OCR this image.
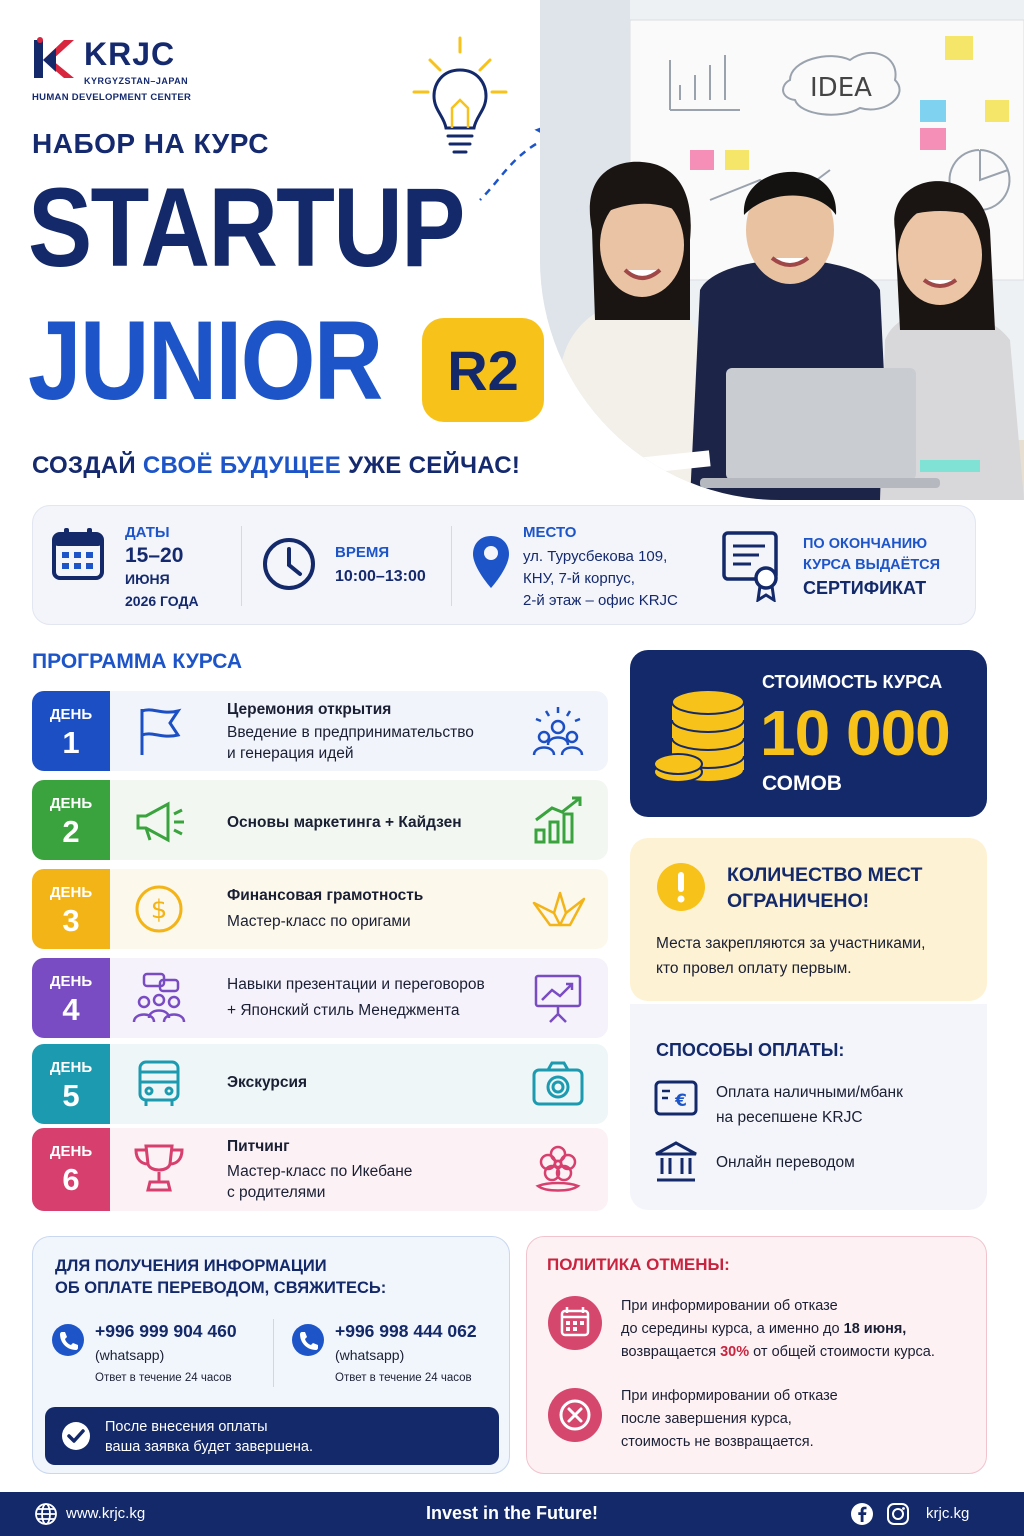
KRJC
KYRGYZSTAN–JAPAN
HUMAN DEVELOPMENT CENTER
НАБОР НА КУРС
STARTUP
JUNIOR	R2
СОЗДАЙ СВОЁ БУДУЩЕЕ УЖЕ СЕЙЧАС!
IDEA
ДАТЫ
15–20
ИЮНЯ
2026 ГОДА
ВРЕМЯ
10:00–13:00
МЕСТО
ул. Турусбекова 109,
КНУ, 7-й корпус,
2-й этаж – офис KRJC
ПО ОКОНЧАНИЮ
КУРСА ВЫДАЁТСЯ
СЕРТИФИКАТ
ПРОГРАММА КУРСА
ДЕНЬ
1
Церемония открытия
Введение в предпринимательство
и генерация идей
ДЕНЬ
2	Основы маркетинга + Кайдзен
ДЕНЬ
3	$	Финансовая грамотность
Мастер-класс по оригами
ДЕНЬ
4
Навыки презентации и переговоров
+ Японский стиль Менеджмента
ДЕНЬ
5	Экскурсия
ДЕНЬ
6
Питчинг
Мастер-класс по Икебане
с родителями
СТОИМОСТЬ КУРСА
10 000
СОМОВ
КОЛИЧЕСТВО МЕСТ
ОГРАНИЧЕНО!
Места закрепляются за участниками,
кто провел оплату первым.
СПОСОБЫ ОПЛАТЫ:
€ Оплата наличными/мбанк
на ресепшене KRJC
Онлайн переводом
ДЛЯ ПОЛУЧЕНИЯ ИНФОРМАЦИИ
ОБ ОПЛАТЕ ПЕРЕВОДОМ, СВЯЖИТЕСЬ:
+996 999 904 460
(whatsapp)
Ответ в течение 24 часов
+996 998 444 062
(whatsapp)
Ответ в течение 24 часов
После внесения оплаты
ваша заявка будет завершена.
ПОЛИТИКА ОТМЕНЫ:
При информировании об отказе
до середины курса, а именно до 18 июня,
возвращается 30% от общей стоимости курса.
При информировании об отказе
после завершения курса,
стоимость не возвращается.
www.krjc.kg	Invest in the Future!	krjc.kg
